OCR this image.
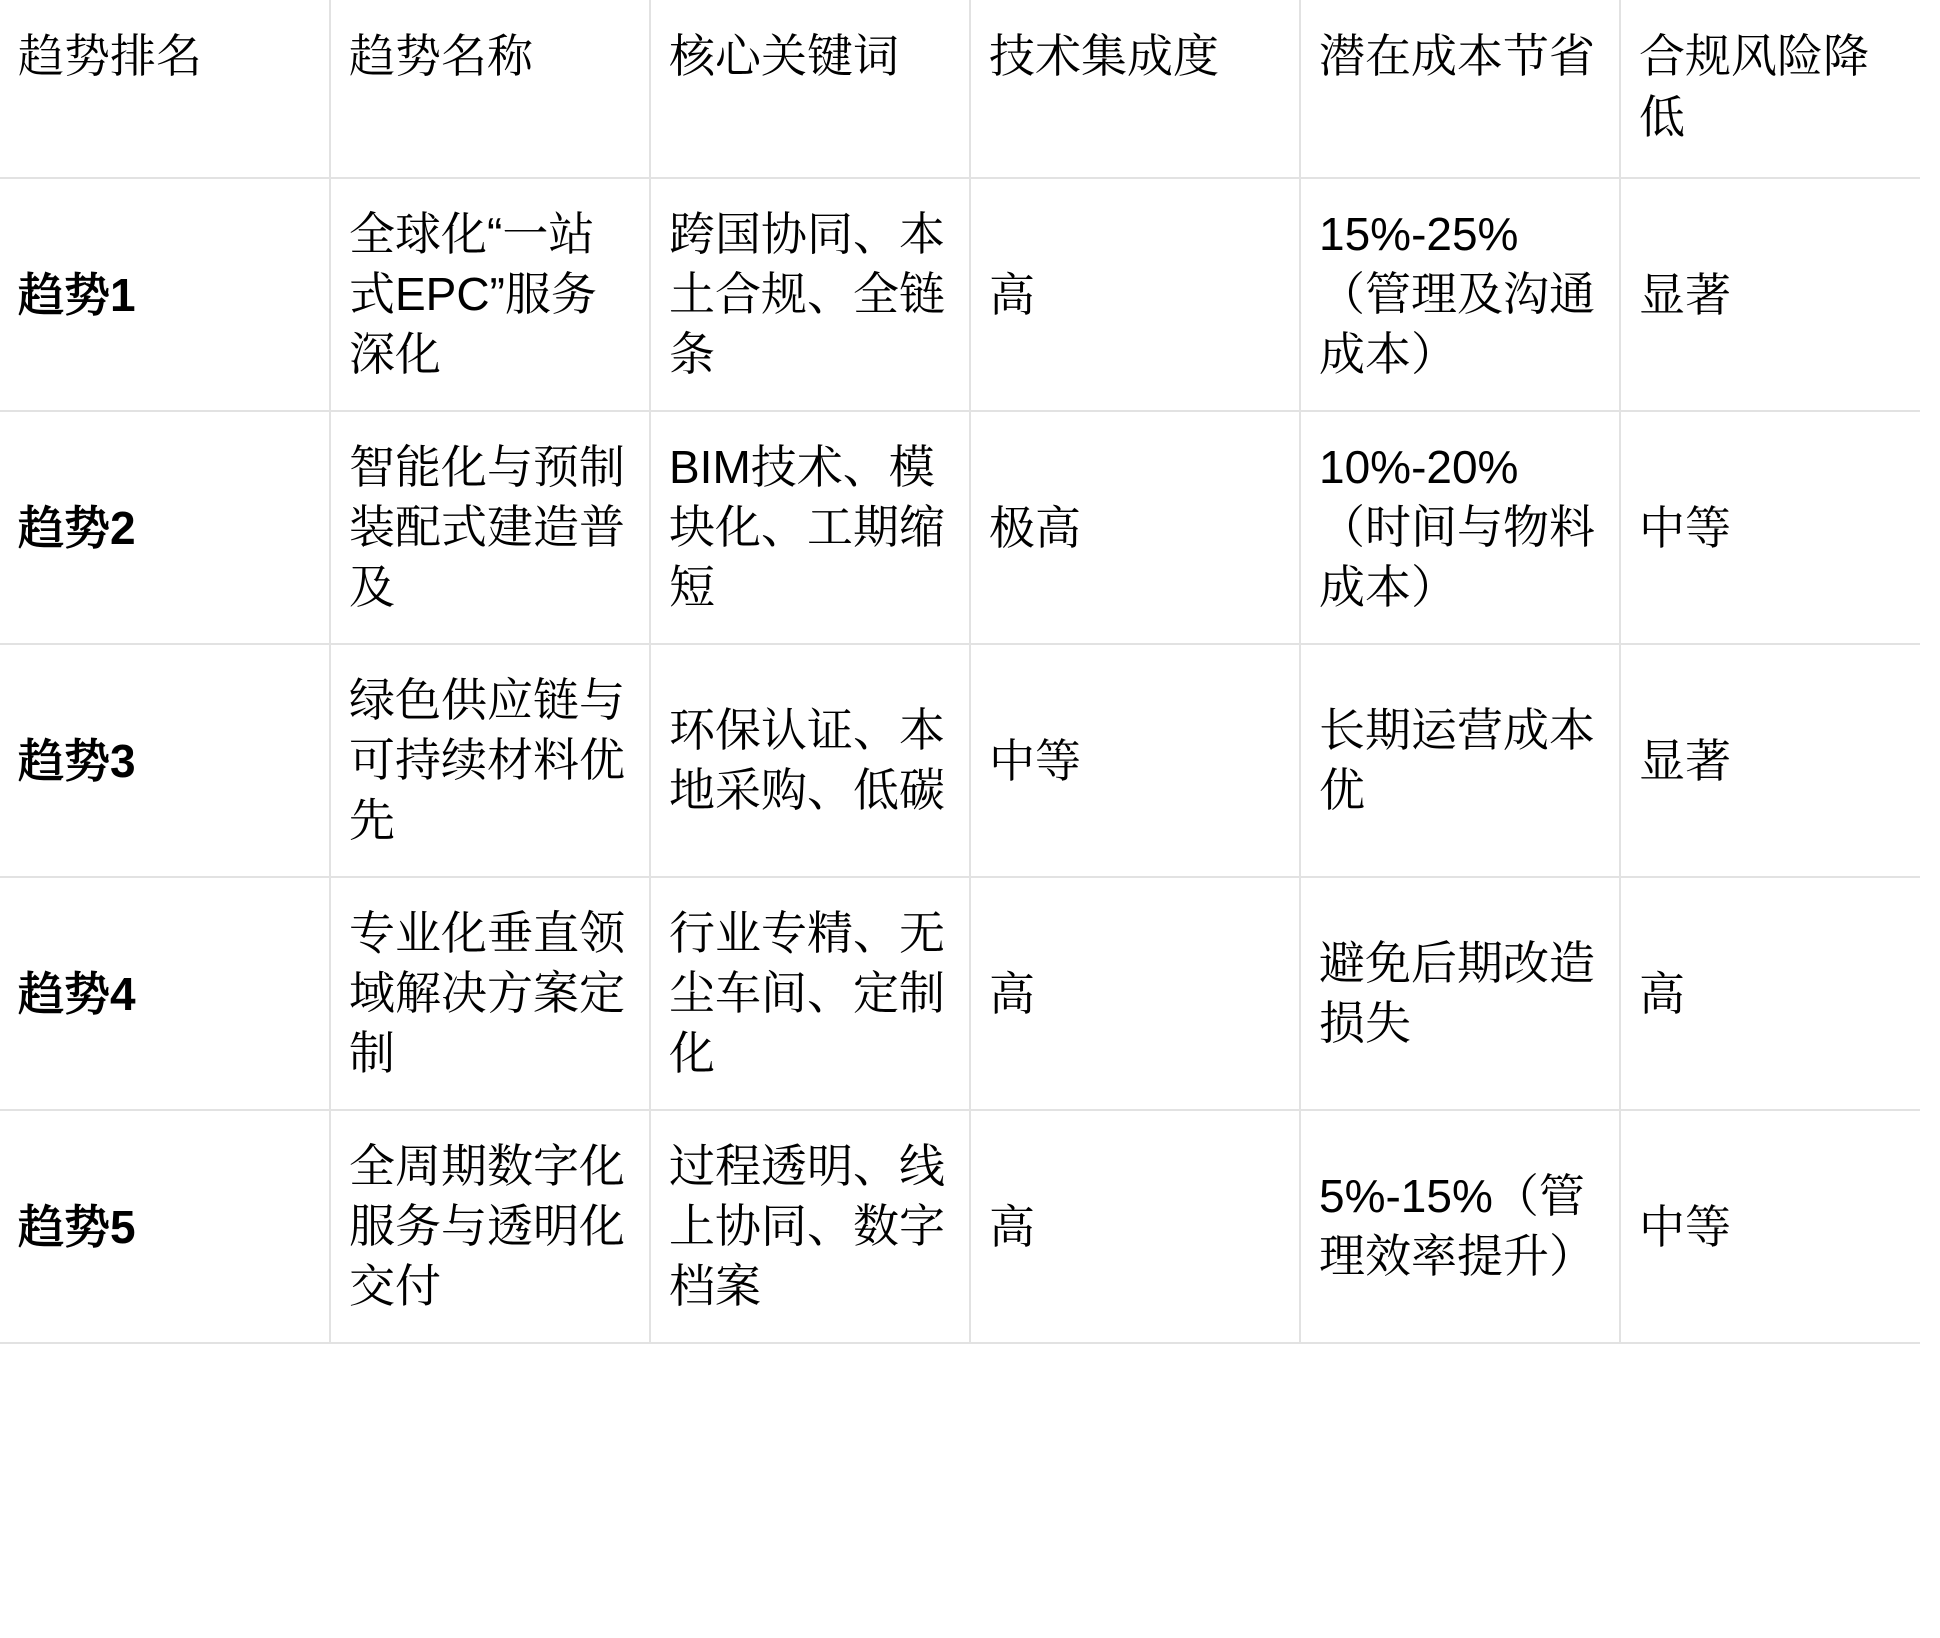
趋势排名	趋势名称	核心关键词	技术集成度	潜在成本节省	合规风险降低
趋势1	全球化“一站式EPC”服务深化	跨国协同、本土合规、全链条	高	15%-25%（管理及沟通成本）	显著
趋势2	智能化与预制装配式建造普及	BIM技术、模块化、工期缩短	极高	10%-20%（时间与物料成本）	中等
趋势3	绿色供应链与可持续材料优先	环保认证、本地采购、低碳	中等	长期运营成本优	显著
趋势4	专业化垂直领域解决方案定制	行业专精、无尘车间、定制化	高	避免后期改造损失	高
趋势5	全周期数字化服务与透明化交付	过程透明、线上协同、数字档案	高	5%-15%（管理效率提升）	中等
